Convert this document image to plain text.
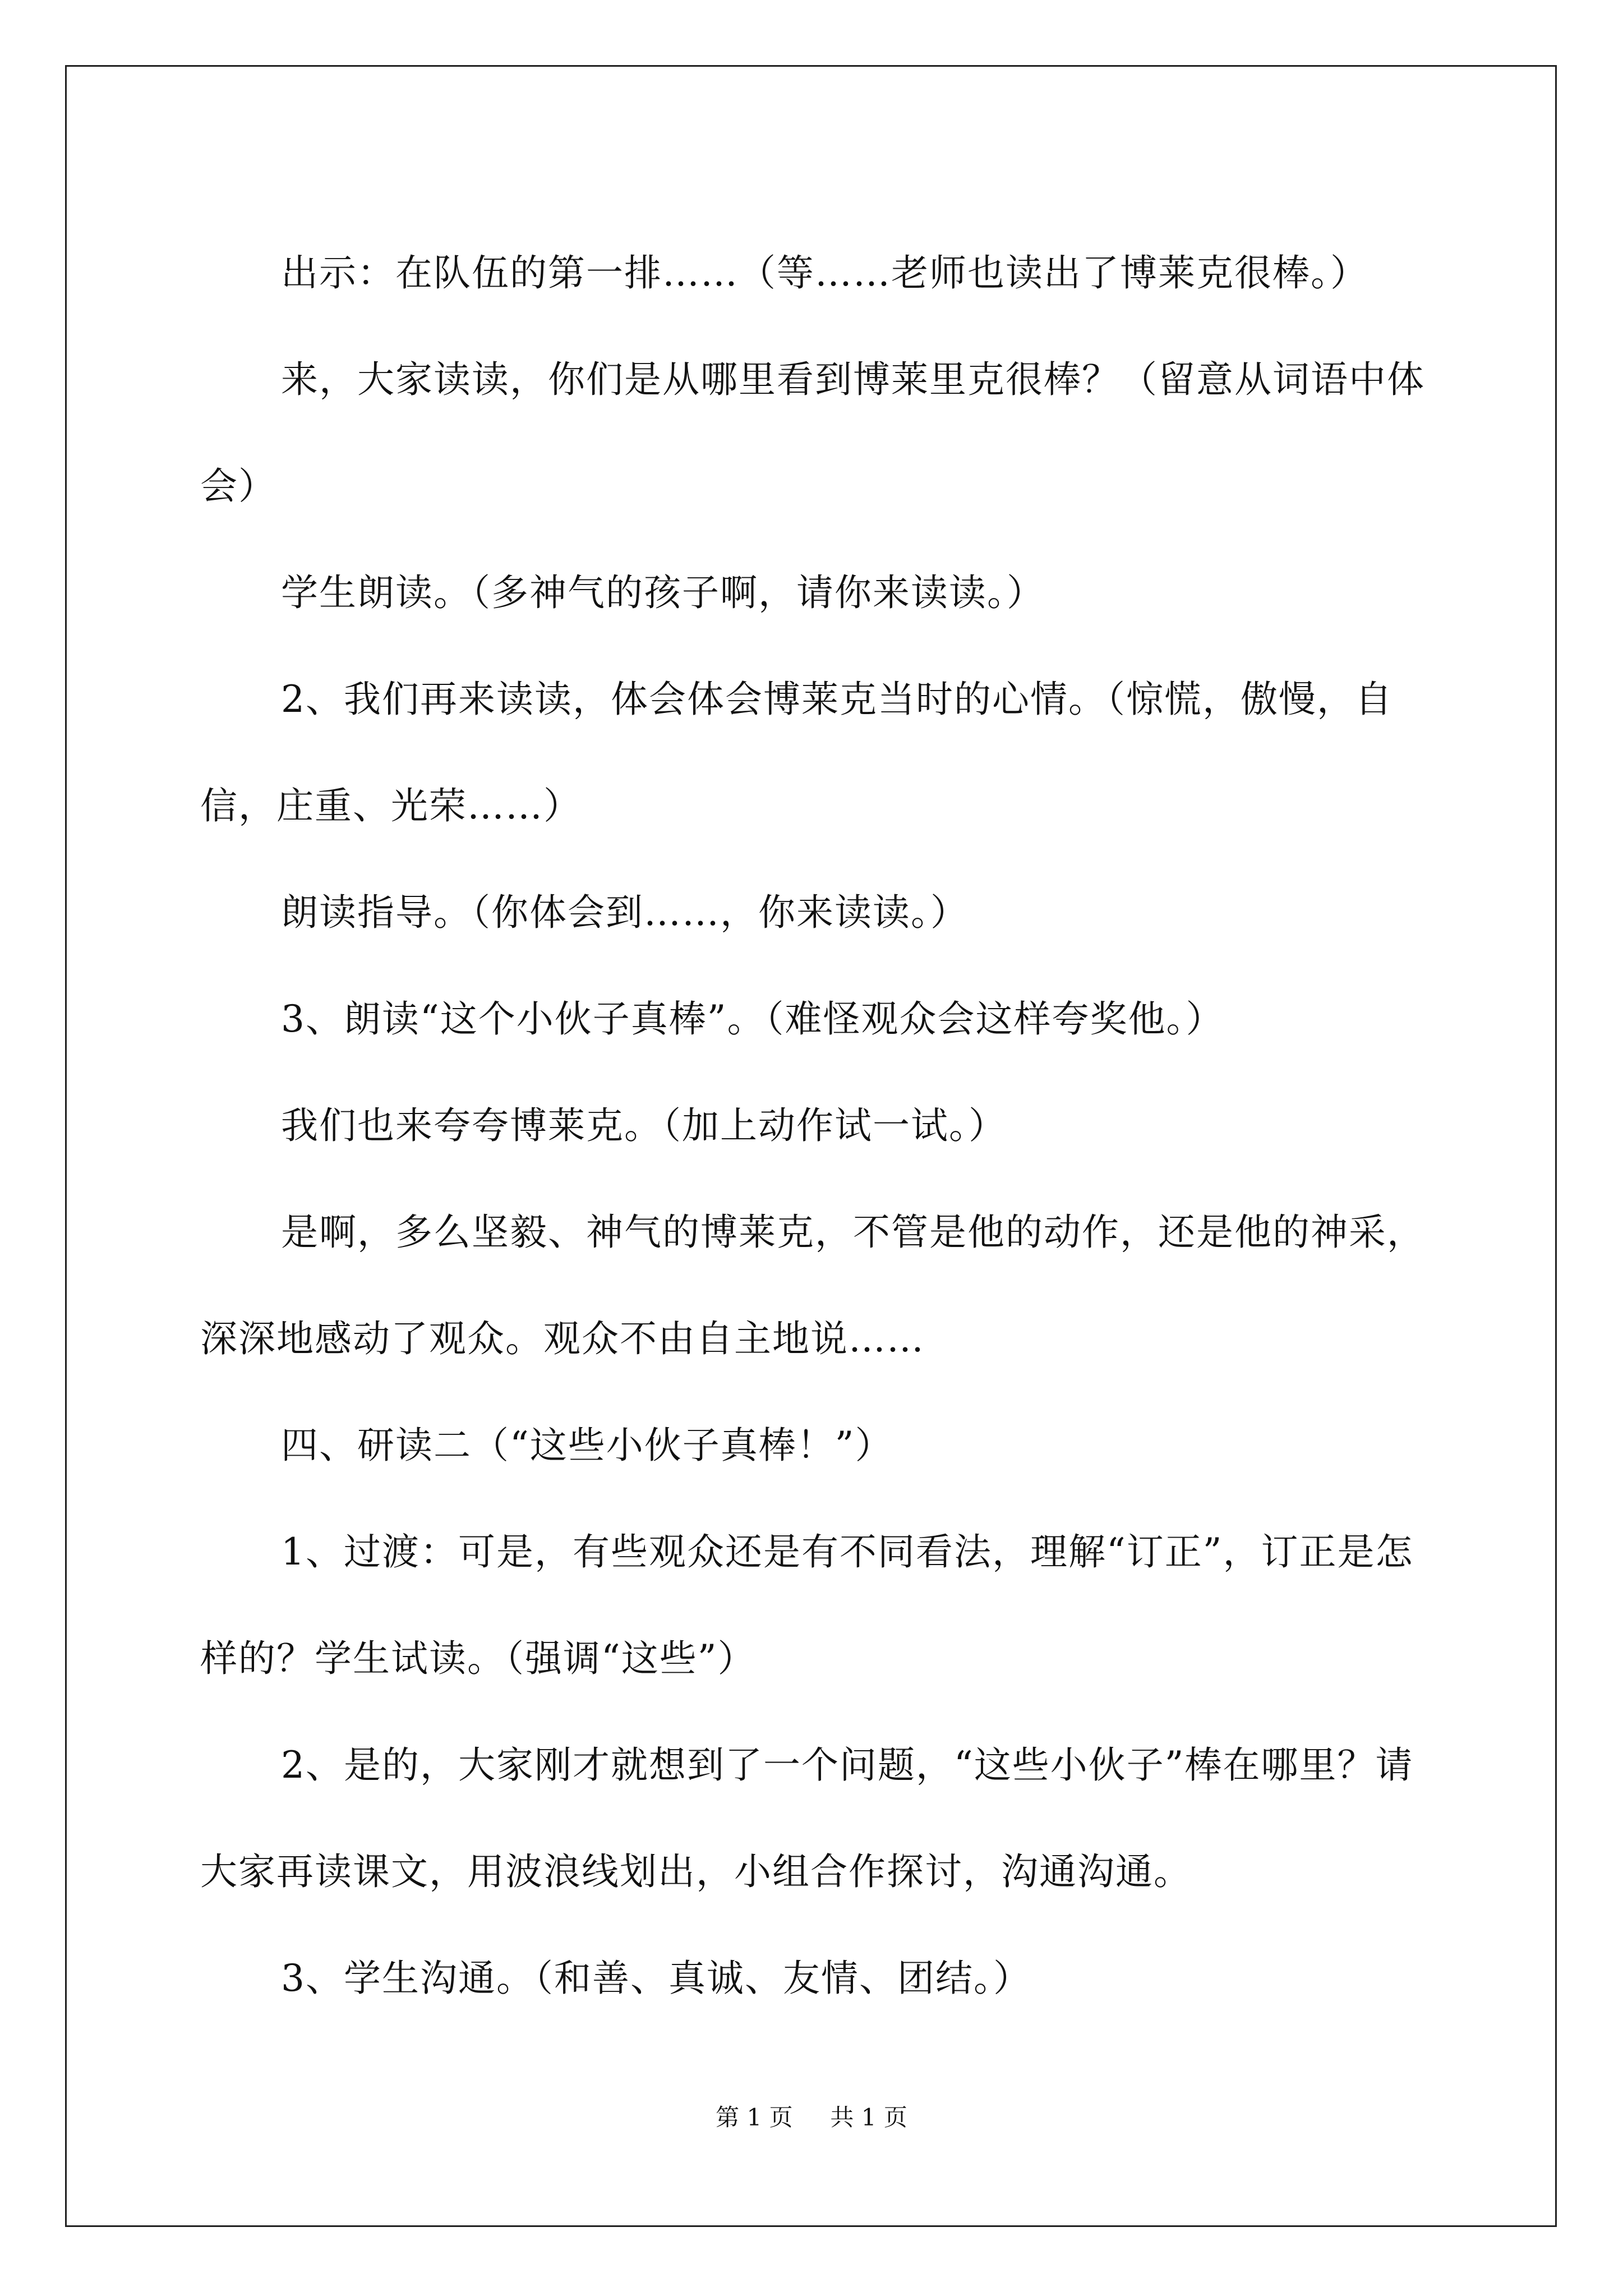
出示：在队伍的第一排……（等……老师也读出了博莱克很棒。）

来，大家读读，你们是从哪里看到博莱里克很棒？（留意从词语中体会）

学生朗读。（多神气的孩子啊，请你来读读。）

2、我们再来读读，体会体会博莱克当时的心情。（惊慌，傲慢，自信，庄重、光荣……）

朗读指导。（你体会到……，你来读读。）

3、朗读“这个小伙子真棒”。（难怪观众会这样夸奖他。）

我们也来夸夸博莱克。（加上动作试一试。）

是啊，多么坚毅、神气的博莱克，不管是他的动作，还是他的神采，深深地感动了观众。观众不由自主地说……

四、研读二（“这些小伙子真棒！”）

1、过渡：可是，有些观众还是有不同看法，理解“订正”，订正是怎样的？学生试读。（强调“这些”）

2、是的，大家刚才就想到了一个问题，“这些小伙子”棒在哪里？请大家再读课文，用波浪线划出，小组合作探讨，沟通沟通。

3、学生沟通。（和善、真诚、友情、团结。）

第 1 页 共 1 页
